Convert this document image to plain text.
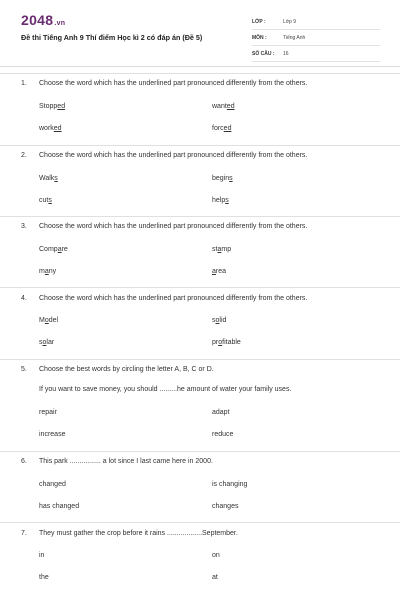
2048.vn
Đề thi Tiếng Anh 9 Thí điểm Học kì 2 có đáp án (Đề 5)
LỚP :	Lớp 9
MÔN :	Tiếng Anh
SỐ CÂU :	16
1. Choose the word which has the underlined part pronounced differently from the others.
Stopped	wanted
worked	forced
2. Choose the word which has the underlined part pronounced differently from the others.
Walks	begins
cuts	helps
3. Choose the word which has the underlined part pronounced differently from the others.
Compare	stamp
many	area
4. Choose the word which has the underlined part pronounced differently from the others.
Model	solid
solar	profitable
5. Choose the best words by circling the letter A, B, C or D.
If you want to save money, you should .........he amount of water your family uses.
repair	adapt
increase	reduce
6. This park ................ a lot since I last came here in 2000.
changed	is changing
has changed	changes
7. They must gather the crop before it rains ..................September.
in	on
the	at
